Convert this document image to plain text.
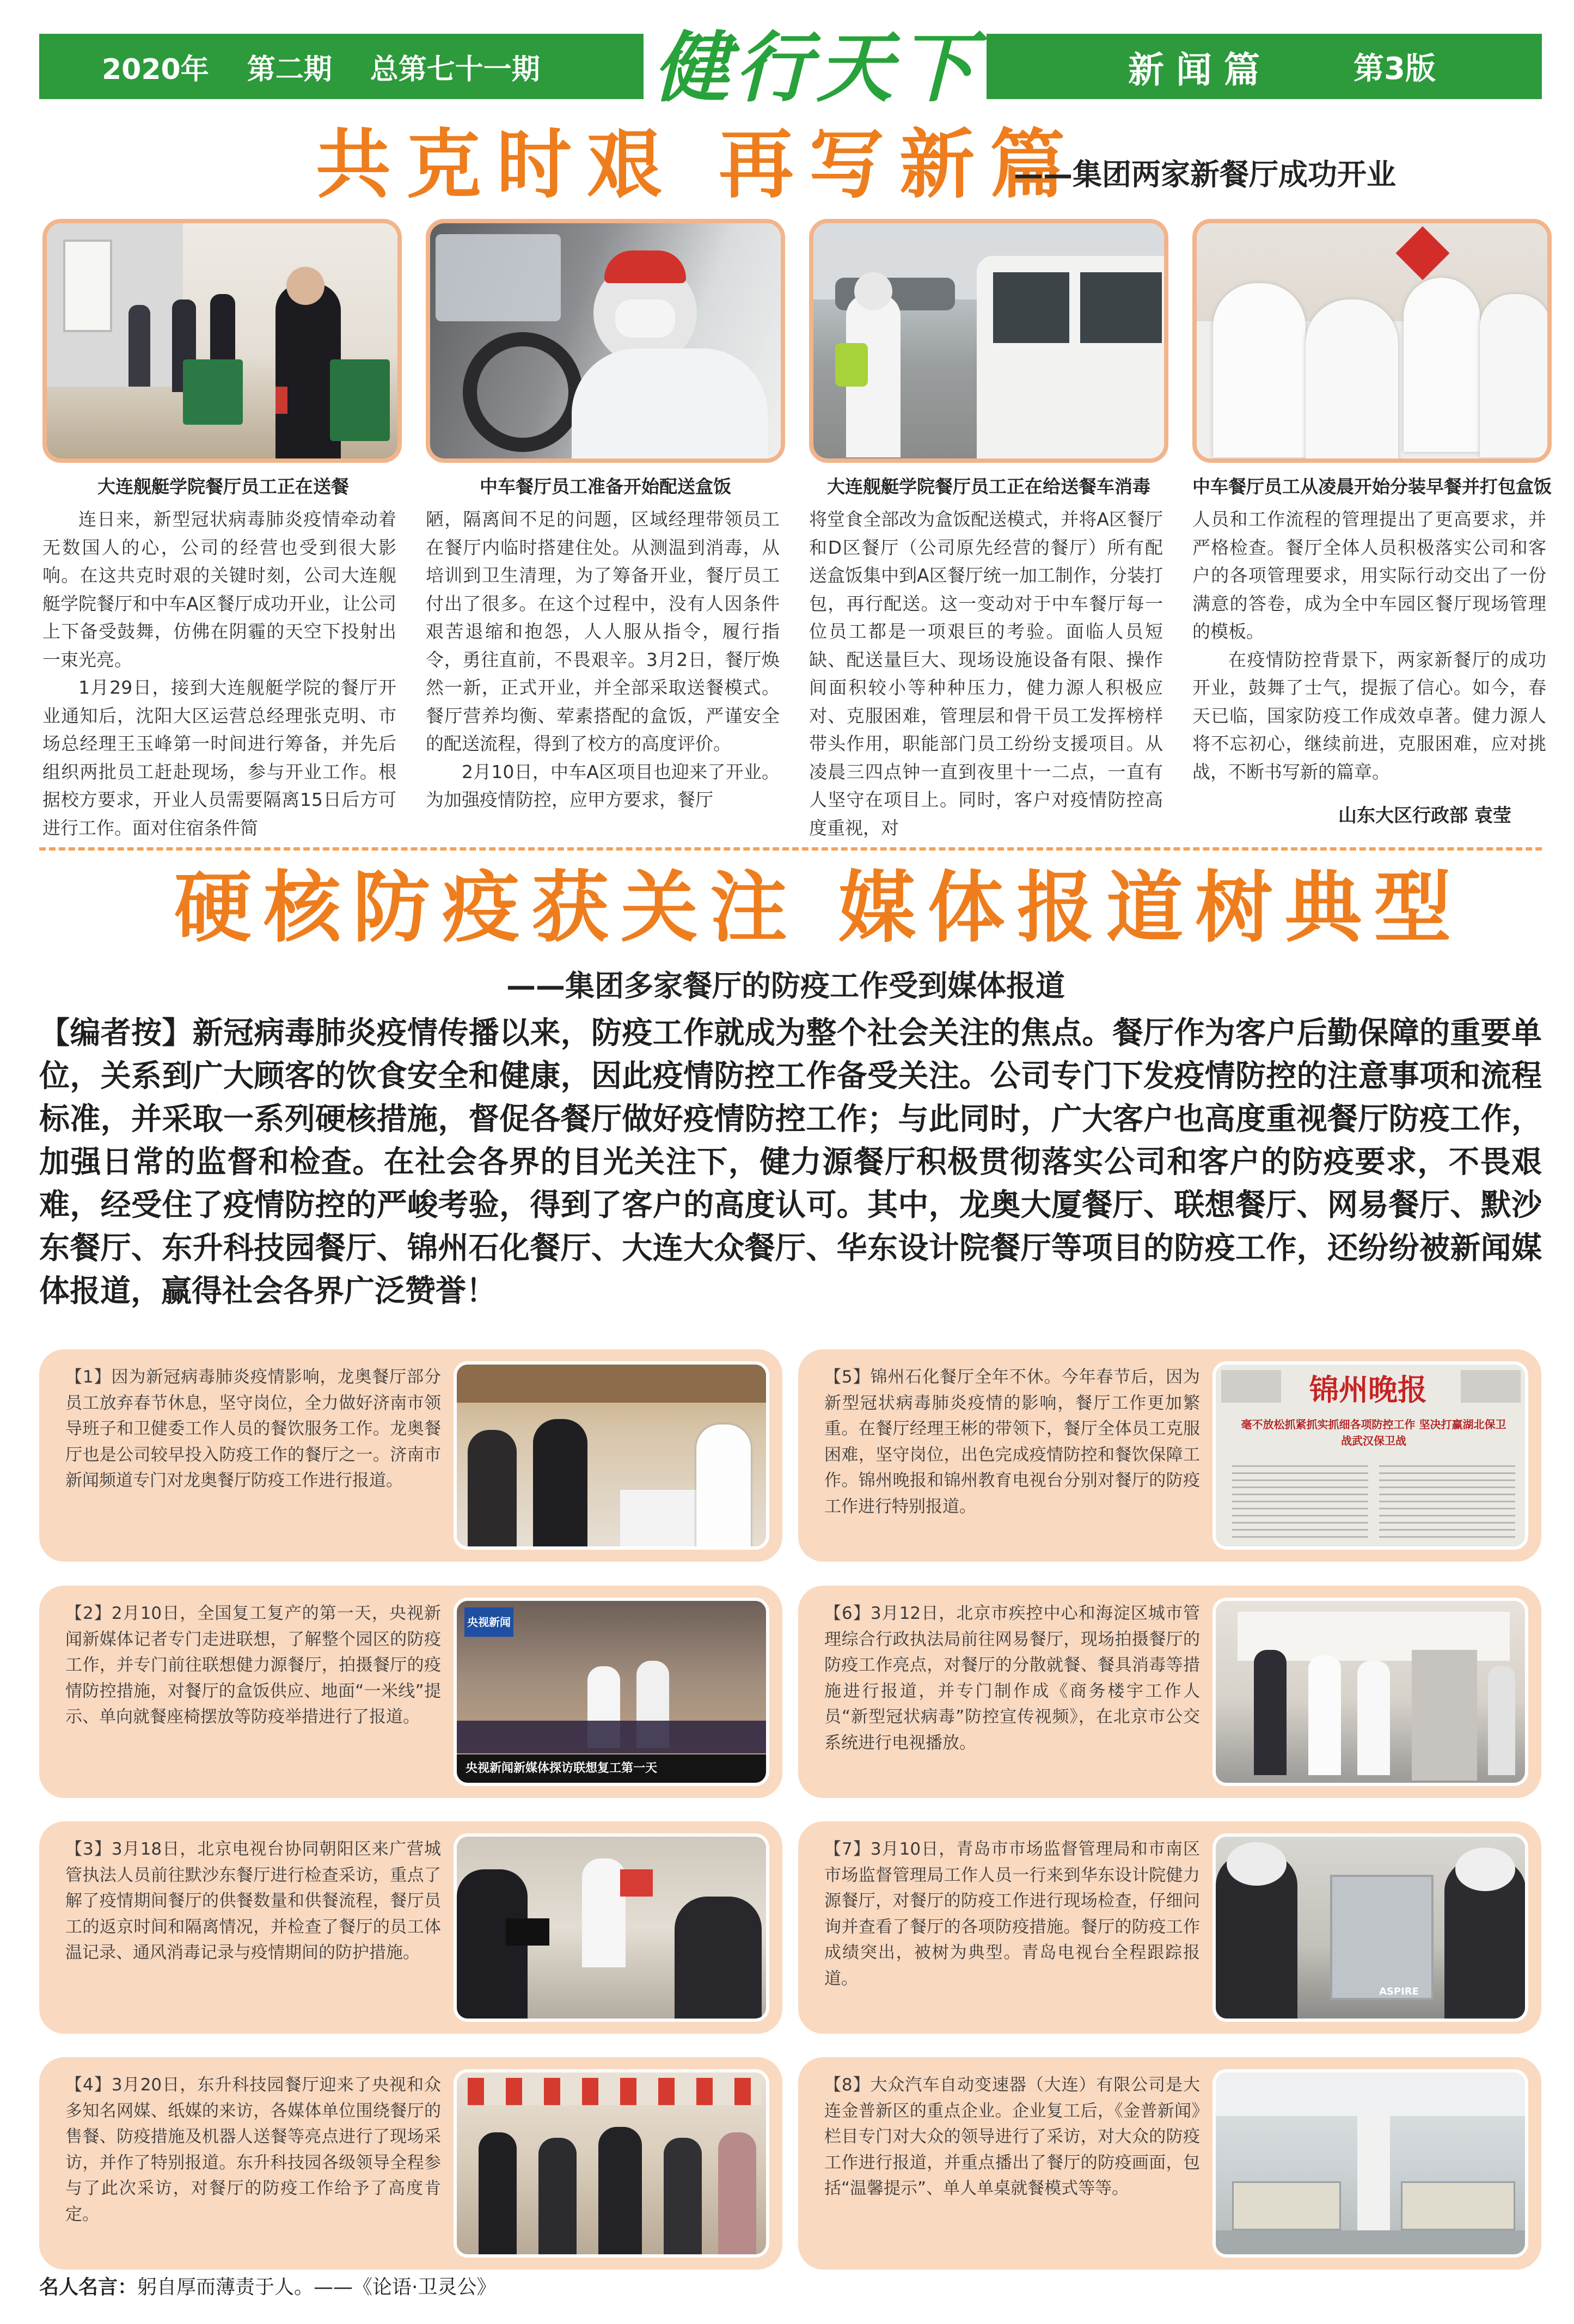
2020年 第二期 总第七十一期 健行天下	新闻篇	第3版
共克时艰 再写新篇
——集团两家新餐厅成功开业
大连舰艇学院餐厅员工正在送餐	中车餐厅员工准备开始配送盒饭	大连舰艇学院餐厅员工正在给送餐车消毒	中车餐厅员工从凌晨开始分装早餐并打包盒饭

连日来，新型冠状病毒肺炎疫情牵动着无数国人的心，公司的经营也受到很大影响。在这共克时艰的关键时刻，公司大连舰艇学院餐厅和中车A区餐厅成功开业，让公司上下备受鼓舞，仿佛在阴霾的天空下投射出一束光亮。

1月29日，接到大连舰艇学院的餐厅开业通知后，沈阳大区运营总经理张克明、市场总经理王玉峰第一时间进行筹备，并先后组织两批员工赶赴现场，参与开业工作。根据校方要求，开业人员需要隔离15日后方可进行工作。面对住宿条件简

陋，隔离间不足的问题，区域经理带领员工在餐厅内临时搭建住处。从测温到消毒，从培训到卫生清理，为了筹备开业，餐厅员工付出了很多。在这个过程中，没有人因条件艰苦退缩和抱怨，人人服从指令，履行指令，勇往直前，不畏艰辛。3月2日，餐厅焕然一新，正式开业，并全部采取送餐模式。餐厅营养均衡、荤素搭配的盒饭，严谨安全的配送流程，得到了校方的高度评价。

2月10日，中车A区项目也迎来了开业。为加强疫情防控，应甲方要求，餐厅

将堂食全部改为盒饭配送模式，并将A区餐厅和D区餐厅（公司原先经营的餐厅）所有配送盒饭集中到A区餐厅统一加工制作，分装打包，再行配送。这一变动对于中车餐厅每一位员工都是一项艰巨的考验。面临人员短缺、配送量巨大、现场设施设备有限、操作间面积较小等种种压力，健力源人积极应对、克服困难，管理层和骨干员工发挥榜样带头作用，职能部门员工纷纷支援项目。从凌晨三四点钟一直到夜里十一二点，一直有人坚守在项目上。同时，客户对疫情防控高度重视，对

人员和工作流程的管理提出了更高要求，并严格检查。餐厅全体人员积极落实公司和客户的各项管理要求，用实际行动交出了一份满意的答卷，成为全中车园区餐厅现场管理的模板。

在疫情防控背景下，两家新餐厅的成功开业，鼓舞了士气，提振了信心。如今，春天已临，国家防疫工作成效卓著。健力源人将不忘初心，继续前进，克服困难，应对挑战，不断书写新的篇章。

山东大区行政部 袁莹
硬核防疫获关注 媒体报道树典型
——集团多家餐厅的防疫工作受到媒体报道
【编者按】新冠病毒肺炎疫情传播以来，防疫工作就成为整个社会关注的焦点。餐厅作为客户后勤保障的重要单位，关系到广大顾客的饮食安全和健康，因此疫情防控工作备受关注。公司专门下发疫情防控的注意事项和流程标准，并采取一系列硬核措施，督促各餐厅做好疫情防控工作；与此同时，广大客户也高度重视餐厅防疫工作，加强日常的监督和检查。在社会各界的目光关注下，健力源餐厅积极贯彻落实公司和客户的防疫要求，不畏艰难，经受住了疫情防控的严峻考验，得到了客户的高度认可。其中，龙奥大厦餐厅、联想餐厅、网易餐厅、默沙东餐厅、东升科技园餐厅、锦州石化餐厅、大连大众餐厅、华东设计院餐厅等项目的防疫工作，还纷纷被新闻媒体报道，赢得社会各界广泛赞誉！
【1】因为新冠病毒肺炎疫情影响，龙奥餐厅部分员工放弃春节休息，坚守岗位，全力做好济南市领导班子和卫健委工作人员的餐饮服务工作。龙奥餐厅也是公司较早投入防疫工作的餐厅之一。济南市新闻频道专门对龙奥餐厅防疫工作进行报道。
【5】锦州石化餐厅全年不休。今年春节后，因为新型冠状病毒肺炎疫情的影响，餐厅工作更加繁重。在餐厅经理王彬的带领下，餐厅全体员工克服困难，坚守岗位，出色完成疫情防控和餐饮保障工作。锦州晚报和锦州教育电视台分别对餐厅的防疫工作进行特别报道。
锦州晚报
毫不放松抓紧抓实抓细各项防控工作 坚决打赢湖北保卫战武汉保卫战
【2】2月10日，全国复工复产的第一天，央视新闻新媒体记者专门走进联想，了解整个园区的防疫工作，并专门前往联想健力源餐厅，拍摄餐厅的疫情防控措施，对餐厅的盒饭供应、地面“一米线”提示、单向就餐座椅摆放等防疫举措进行了报道。
央视新闻
央视新闻新媒体探访联想复工第一天
【6】3月12日，北京市疾控中心和海淀区城市管理综合行政执法局前往网易餐厅，现场拍摄餐厅的防疫工作亮点，对餐厅的分散就餐、餐具消毒等措施进行报道，并专门制作成《商务楼宇工作人员“新型冠状病毒”防控宣传视频》，在北京市公交系统进行电视播放。
【3】3月18日，北京电视台协同朝阳区来广营城管执法人员前往默沙东餐厅进行检查采访，重点了解了疫情期间餐厅的供餐数量和供餐流程，餐厅员工的返京时间和隔离情况，并检查了餐厅的员工体温记录、通风消毒记录与疫情期间的防护措施。
【7】3月10日，青岛市市场监督管理局和市南区市场监督管理局工作人员一行来到华东设计院健力源餐厅，对餐厅的防疫工作进行现场检查，仔细问询并查看了餐厅的各项防疫措施。餐厅的防疫工作成绩突出，被树为典型。青岛电视台全程跟踪报道。
ASPIRE
【4】3月20日，东升科技园餐厅迎来了央视和众多知名网媒、纸媒的来访，各媒体单位围绕餐厅的售餐、防疫措施及机器人送餐等亮点进行了现场采访，并作了特别报道。东升科技园各级领导全程参与了此次采访，对餐厅的防疫工作给予了高度肯定。
【8】大众汽车自动变速器（大连）有限公司是大连金普新区的重点企业。企业复工后，《金普新闻》栏目专门对大众的领导进行了采访，对大众的防疫工作进行报道，并重点播出了餐厅的防疫画面，包括“温馨提示”、单人单桌就餐模式等等。
名人名言：躬自厚而薄责于人。——《论语·卫灵公》
